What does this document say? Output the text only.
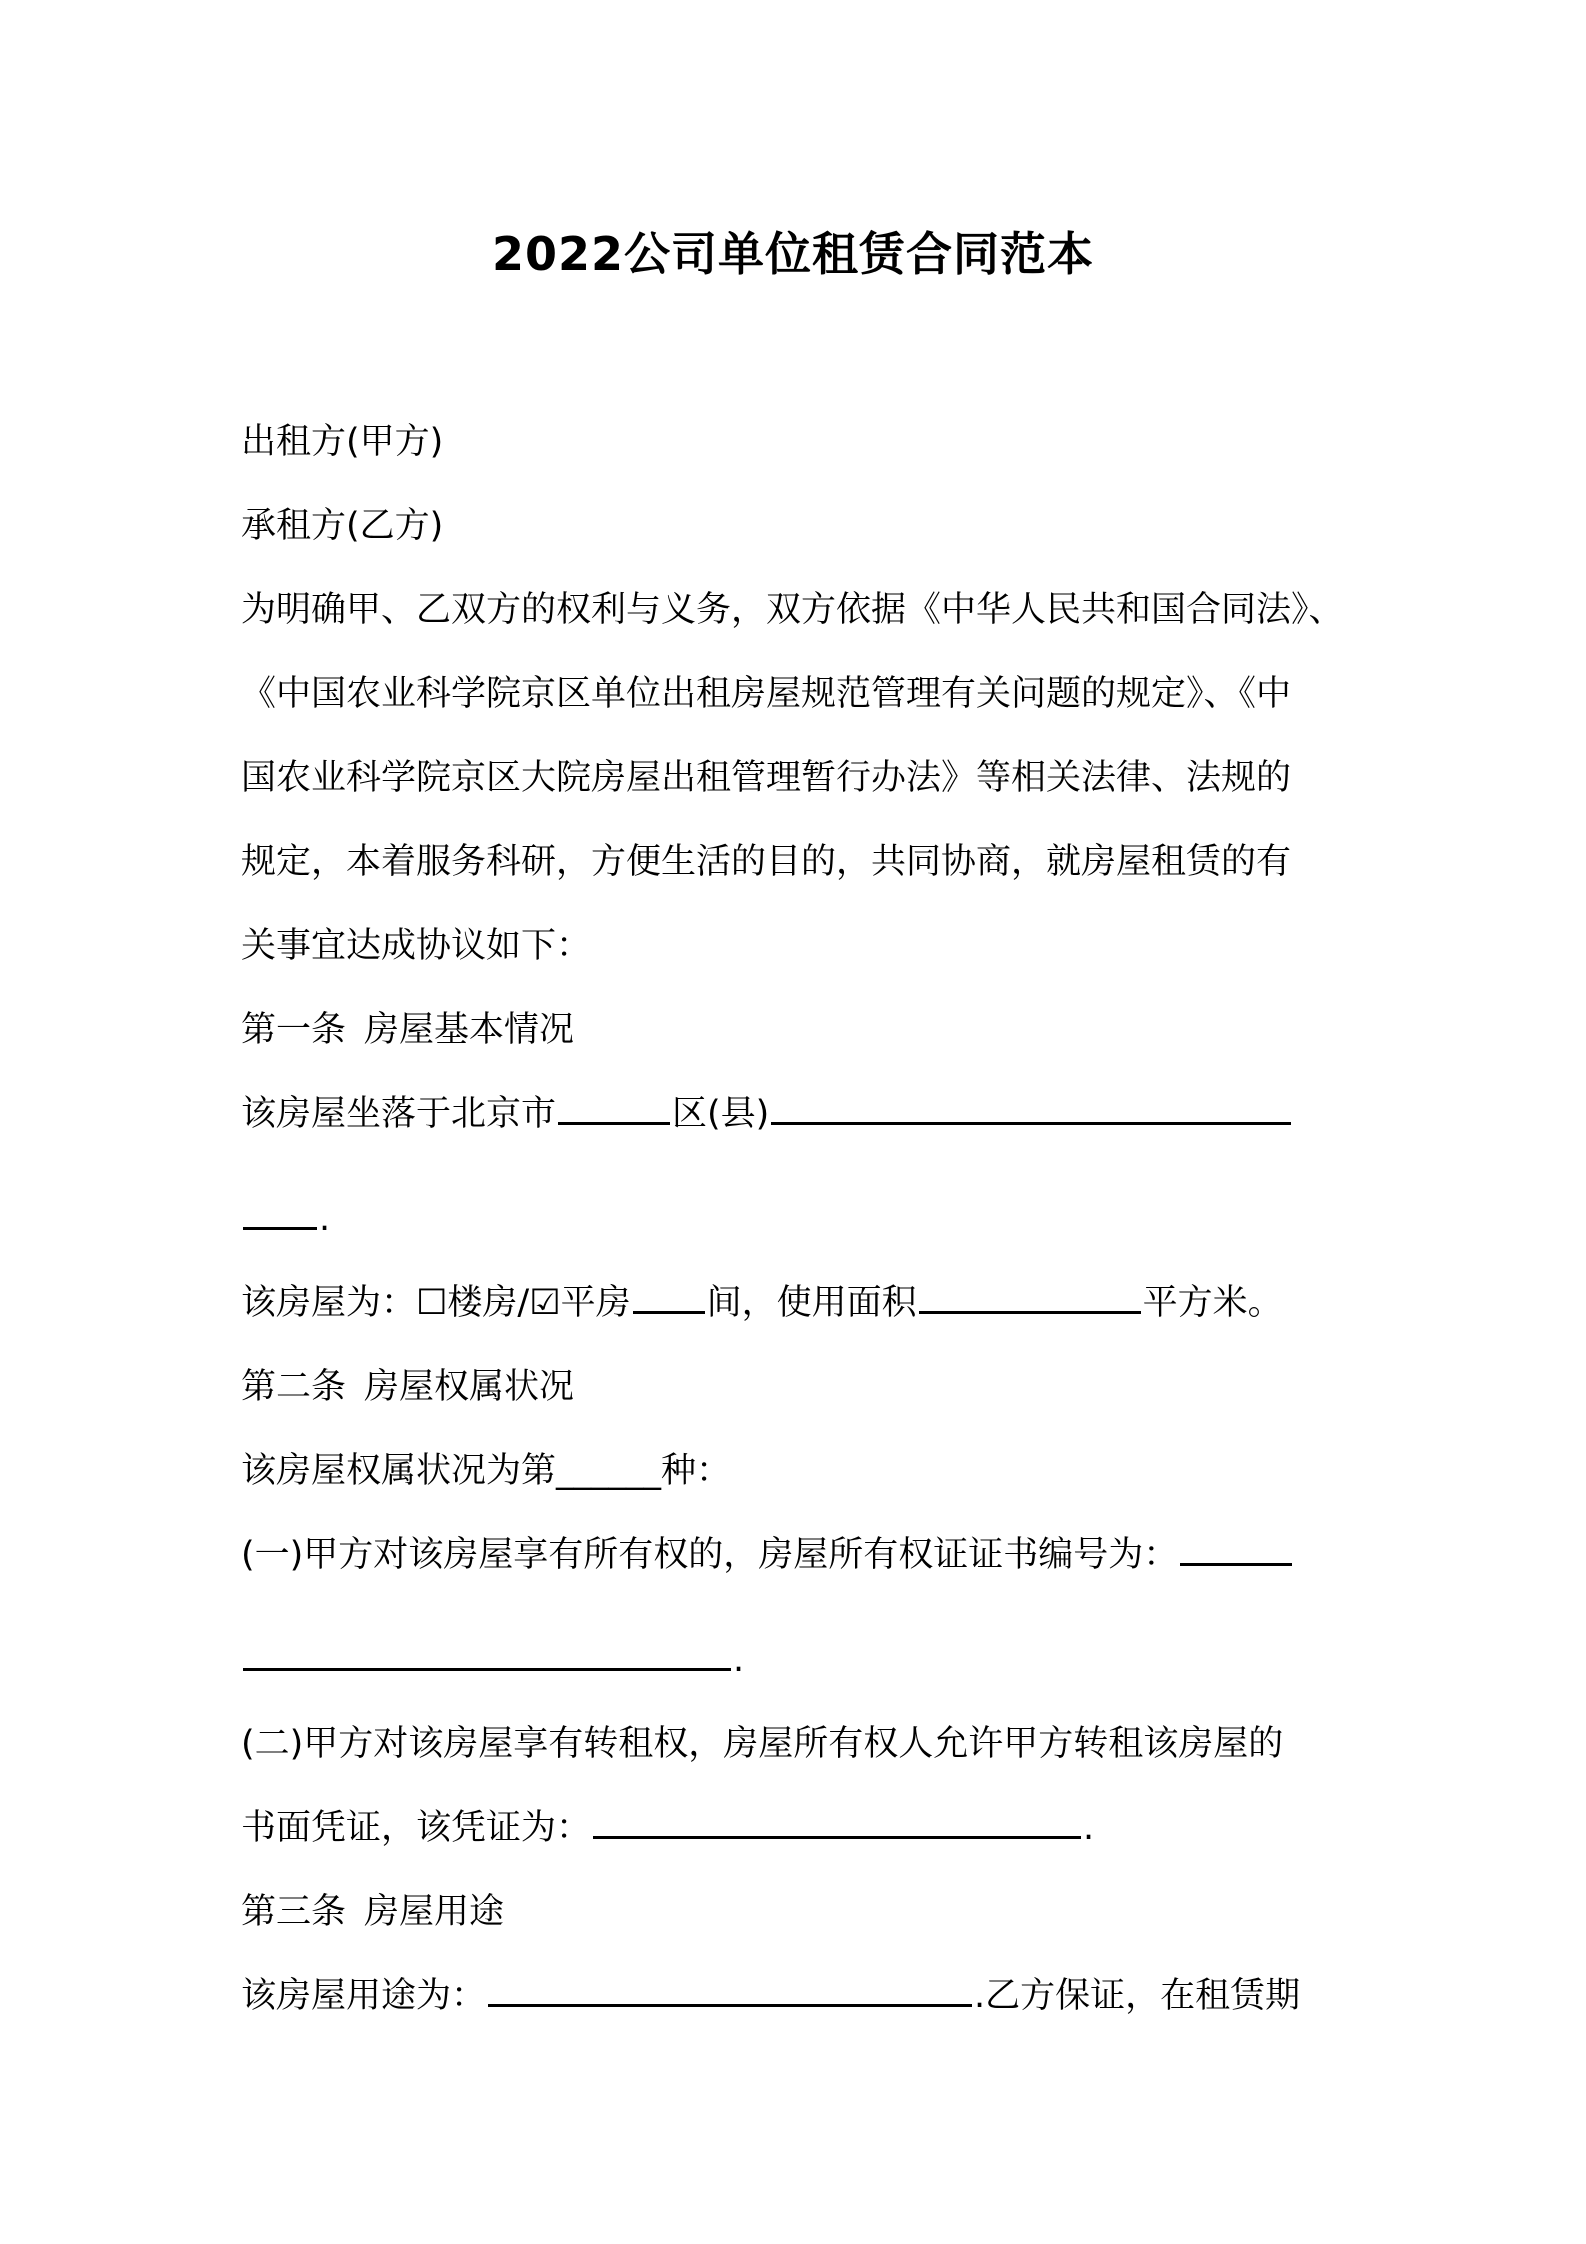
2022公司单位租赁合同范本
出租方(甲方)
承租方(乙方)
为明确甲、乙双方的权利与义务，双方依据《中华人民共和国合同法》、
《中国农业科学院京区单位出租房屋规范管理有关问题的规定》、《中
国农业科学院京区大院房屋出租管理暂行办法》等相关法律、法规的
规定，本着服务科研，方便生活的目的，共同协商，就房屋租赁的有
关事宜达成协议如下：
第一条 房屋基本情况
该房屋坐落于北京市	区(县)
.
该房屋为：☐楼房/☑平房 间，使用面积	平方米。
第二条 房屋权属状况
该房屋权属状况为第______种：
(一)甲方对该房屋享有所有权的，房屋所有权证证书编号为：
.
(二)甲方对该房屋享有转租权，房屋所有权人允许甲方转租该房屋的
书面凭证，该凭证为：	.
第三条 房屋用途
该房屋用途为：	.乙方保证，在租赁期
